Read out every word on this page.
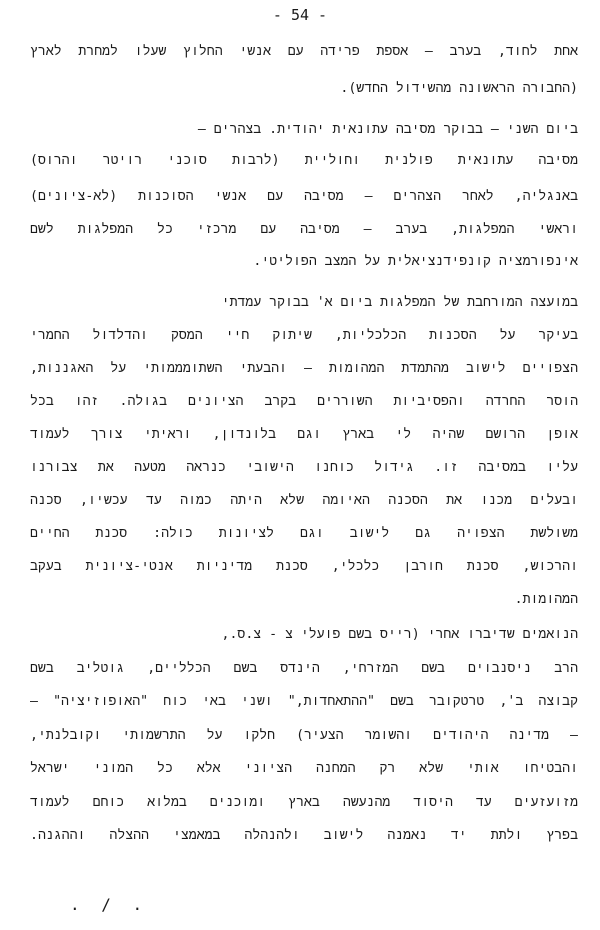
- 54 -
אחת לחוד, בערב — אספת פרידה עם אנשי החלוץ שעלו למחרת לארץ
(החבורה הראשונה מהשידול החדש).
ביום השני — בבוקר מסיבה עתונאית יהודית. בצהרים —
מסיבה עתונאית פולנית וחוליית (לרבות סוכני רויטר והרוס)
באנגליה, לאחר הצהרים — מסיבה עם אנשי הסוכנות (לא-ציונים)
וראשי המפלגות, בערב — מסיבה עם מרכזי כל המפלגות לשם
אינפורמציה קונפידנציאלית על המצב הפוליטי.
במועצה המורחבת של המפלגות ביום א' בבוקר עמדתי
בעיקר על הסכנות הכלכליות, שיתוק חיי המסק והדלדול החמרי
הצפויים לישוב מהתמדת המהומות — והבעתי השתומממותי על האגננות,
הוסר החרדה והפסיביות השוררים בקרב הציונים בגולה. זהו בכל
אופן הרושם שהיה לי בארץ וגם בלונדון, וראיתי צורך לעמוד
עליו במסיבה זו. גידול כוחנו הישובי כנראה מטעה את צבורנו
ובעלים מכנו את הסכנה האיומה שלא היתה כמוה עד עכשיו, סכנה
משולשת הצפויה גם לישוב וגם לציונות כולה: סכנת החיים
והרכוש, סכנת חורבן כלכלי, סכנת מדיניות אנטי-ציונית בעקב
המהומות.
הנואמים שדיברו אחרי (רייס בשם פועלי צ - צ.ס.,
הרב ניסנבוים בשם המזרחי, הינדס בשם הכלליים, גוטליב בשם
קבוצה ב', טרטקובר בשם "ההתאחדות," ושני באי כוח "האופוזיציה" —
— מדינה היהודים והשומר הצעיר) חלקו על התרשמותי וקובלנתי,
והבטיחו אותי שלא רק המחנה הציוני אלא כל המוני ישראל
מזועזעים עד היסוד מהנעשה בארץ ומוכנים במלוא כוחם לעמוד
בפרץ ולתת יד נאמנה לישוב ולהנהלה במאמצי ההצלה וההגנה.
. / .
